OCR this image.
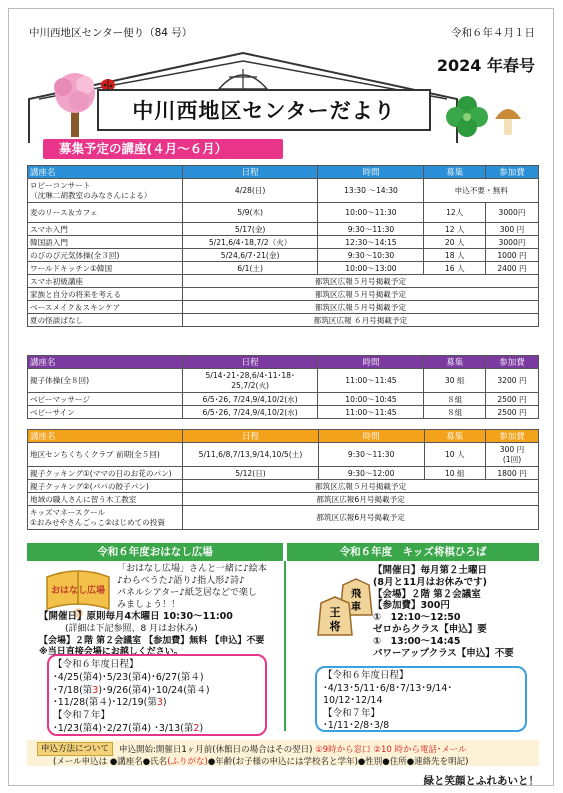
中川西地区センター便り（84 号）	令和６年４月１日
2024 年春号
中川西地区センターだより
募集予定の講座(４月～６月）
講座名	日程	時間	募集	参加費

ロビーコンサート
（沈琳二胡教室のみなさんによる）	4/28(日)	13:30 ～14:30	申込不要・無料	
麦のリース＆カフェ	5/9(木)	10:00～11:30	12人	3000円
スマホ入門	5/17(金)	9:30～11:30	12 人	300 円
韓国語入門	5/21,6/4･18,7/2（火）	12:30～14:15	20 人	3000円
のびのび元気体操(全３回)	5/24,6/7･21(金)	9:30～10:30	18 人	1000 円
ワールドキッチン①韓国	6/1(土)	10:00～13:00	16 人	2400 円
スマホ初級講座	都筑区広報５月号掲載予定			
家族と自分の将来を考える	都筑区広報５月号掲載予定			
ベースメイク＆スキンケア	都筑区広報５月号掲載予定			
夏の怪談ばなし	都筑区広報 ６月号掲載予定			
講座名	日程	時間	募集	参加費
親子体操(全８回)	5/14･21･28,6/4･11･18･
25,7/2(火)	11:00～11:45	30 組	3200 円
ベビーマッサージ	6/5･26, 7/24,9/4,10/2(水)	10:00～10:45	８組	2500 円
ベビーサイン	6/5･26, 7/24,9/4,10/2(水)	11:00～11:45	８組	2500 円
講座名	日程	時間	募集	参加費
地区センちくちくクラブ 前期(全５回)	5/11,6/8,7/13,9/14,10/5(土)	9:30～11:30	10 人	300 円
(1回)

親子クッキング①(ママの日のお花のパン)	5/12(日)	9:30～12:00	10 組	1800 円
親子クッキング②(パパの餃子パン)	都筑区広報５月号掲載予定			
地域の職人さんに習う木工教室	都筑区広報6月号掲載予定			

キッズマネースクール
①おみせやさんごっこ②はじめての投資	都筑区広報6月号掲載予定			
令和６年度おはなし広場
おはなし広場
「おはなし広場」さんと一緒に♪絵本
♪わらべうた♪語り♪指人形♪詩♪
パネルシアター♪紙芝居などで楽し
みましょう！！
【開催日】原則毎月4木曜日 10:30～11:00
(詳細は下記参照、8 月はお休み)
【会場】２階 第２会議室 【参加費】無料 【申込】不要
※当日直接会場にお越しください。
【令和６年度日程】
･4/25(第4)･5/23(第4)･6/27(第４)
･7/18(第3)･9/26(第4)･10/24(第４)
･11/28(第４)･12/19(第3)
【令和７年】
･1/23(第4)･2/27(第4) ･3/13(第2)
令和６年度　キッズ将棋ひろば
飛
車
王
将
【開催日】毎月第２土曜日
(8月と11月はお休みです)
【会場】２階 第２会議室
【参加費】300円
①　12:10～12:50
ゼロからクラス【申込】要
①　13:00～14:45
パワーアップクラス【申込】不要
【令和６年度日程】
･4/13･5/11･6/8･7/13･9/14･
10/12･12/14
【令和７年】
･1/11･2/8･3/8
申込方法について	申込開始:開催日1ヶ月前(休館日の場合はその翌日) ①9時から窓口 ②10 時から電話･メール
(メール申込は ●講座名●氏名(ふりがな)●年齢(お子様の申込には学校名と学年)●性別●住所●連絡先を明記)
緑と笑顔とふれあいと！
